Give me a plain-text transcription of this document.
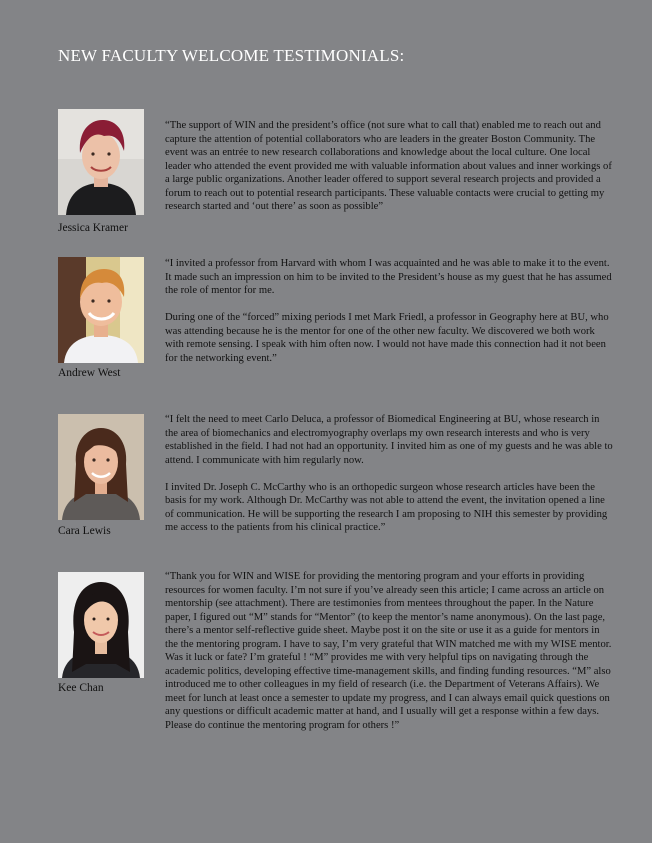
NEW FACULTY WELCOME TESTIMONIALS:
Jessica Kramer

“The support of WIN and the president’s office (not sure what to call that) enabled me to reach out and capture the attention of potential collaborators who are leaders in the greater Boston Community. The event was an entrée to new research collaborations and knowledge about the local culture. One local leader who attended the event provided me with valuable information about values and inner workings of a large public organizations. Another leader offered to support several research projects and provided a forum to reach out to potential research participants. These valuable contacts were crucial to getting my research started and ‘out there’ as soon as possible”

Andrew West

“I invited a professor from Harvard with whom I was acquainted and he was able to make it to the event. It made such an impression on him to be invited to the President’s house as my guest that he has assumed the role of mentor for me.

During one of the “forced” mixing periods I met Mark Friedl, a professor in Geography here at BU, who was attending because he is the mentor for one of the other new faculty. We discovered we both work with remote sensing. I speak with him often now. I would not have made this connection had it not been for the networking event.”

Cara Lewis

“I felt the need to meet Carlo Deluca, a professor of Biomedical Engineering at BU, whose research in the area of biomechanics and electromyography overlaps my own research interests and who is very established in the field. I had not had an opportunity. I invited him as one of my guests and he was able to attend. I communicate with him regularly now.

I invited Dr. Joseph C. McCarthy who is an orthopedic surgeon whose research articles have been the basis for my work. Although Dr. McCarthy was not able to attend the event, the invitation opened a line of communication. He will be supporting the research I am proposing to NIH this semester by providing me access to the patients from his clinical practice.”

Kee Chan

“Thank you for WIN and WISE for providing the mentoring program and your efforts in providing resources for women faculty. I’m not sure if you’ve already seen this article; I came across an article on mentorship (see attachment). There are testimonies from mentees throughout the paper. In the Nature paper, I figured out “M” stands for “Mentor” (to keep the mentor’s name anonymous). On the last page, there’s a mentor self-reflective guide sheet. Maybe post it on the site or use it as a guide for mentors in the the mentoring program. I have to say, I’m very grateful that WIN matched me with my WISE mentor. Was it luck or fate? I’m grateful ! “M” provides me with very helpful tips on navigating through the academic politics, developing effective time-management skills, and finding funding resources. “M” also introduced me to other colleagues in my field of research (i.e. the Department of Veterans Affairs). We meet for lunch at least once a semester to update my progress, and I can always email quick questions on any questions or difficult academic matter at hand, and I usually will get a response within a few days. Please do continue the mentoring program for others !”
